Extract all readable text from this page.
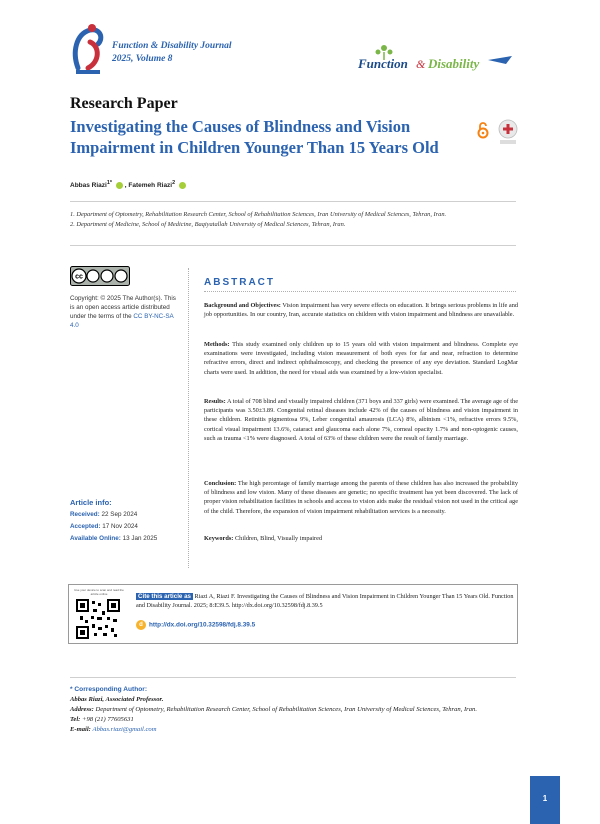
Function & Disability Journal
2025, Volume 8	Function & Disability
Research Paper
Investigating the Causes of Blindness and Vision Impairment in Children Younger Than 15 Years Old
Abbas Riazi$^{1*}$ , Fatemeh Riazi$^2$
1. Department of Optometry, Rehabilitation Research Center, School of Rehabilitation Sciences, Iran University of Medical Sciences, Tehran, Iran.
2. Department of Medicine, School of Medicine, Baqiyatallah University of Medical Sciences, Tehran, Iran.
cc
Copyright: © 2025 The Author(s). This is an open access article distributed under the terms of the CC BY-NC-SA 4.0
Article info:
Received: 22 Sep 2024
Accepted: 17 Nov 2024
Available Online: 13 Jan 2025
ABSTRACT
Background and Objectives: Vision impairment has very severe effects on education. It brings serious problems in life and job opportunities. In our country, Iran, accurate statistics on children with vision impairment and blindness are unavailable.
Methods: This study examined only children up to 15 years old with vision impairment and blindness. Complete eye examinations were investigated, including vision measurement of both eyes for far and near, refraction to determine refractive errors, direct and indirect ophthalmoscopy, and checking the presence of any eye deviation. Standard LogMar charts were used. In addition, the need for visual aids was examined by a low-vision specialist.
Results: A total of 708 blind and visually impaired children (371 boys and 337 girls) were examined. The average age of the participants was 3.50±3.89. Congenital retinal diseases include 42% of the causes of blindness and vision impairment in these children. Retinitis pigmentosa 9%, Leber congenital amaurosis (LCA) 8%, albinism <1%, refractive errors 9.5%, cortical visual impairment 13.6%, cataract and glaucoma each alone 7%, corneal opacity 1.7% and non-optogenic causes, such as trauma <1% were diagnosed. A total of 63% of these children were the result of family marriage.
Conclusion: The high percentage of family marriage among the parents of these children has also increased the probability of blindness and low vision. Many of these diseases are genetic; no specific treatment has yet been discovered. The lack of proper vision rehabilitation facilities in schools and access to vision aids make the residual vision not used in the critical age of the child. Therefore, the expansion of vision impairment rehabilitation services is a necessity.
Keywords: Children, Blind, Visually impaired
Use your device to scan and read the article online	Cite this article as Riazi A, Riazi F. Investigating the Causes of Blindness and Vision Impairment in Children Younger Than 15 Years Old. Function and Disability Journal. 2025; 8:E39.5. http://dx.doi.org/10.32598/fdj.8.39.5
d http://dx.doi.org/10.32598/fdj.8.39.5
* Corresponding Author:
Abbas Riazi, Associated Professor.
Address: Department of Optometry, Rehabilitation Research Center, School of Rehabilitation Sciences, Iran University of Medical Sciences, Tehran, Iran.
Tel: +98 (21) 77605631
E-mail: Abbas.riazi@gmail.com
1
